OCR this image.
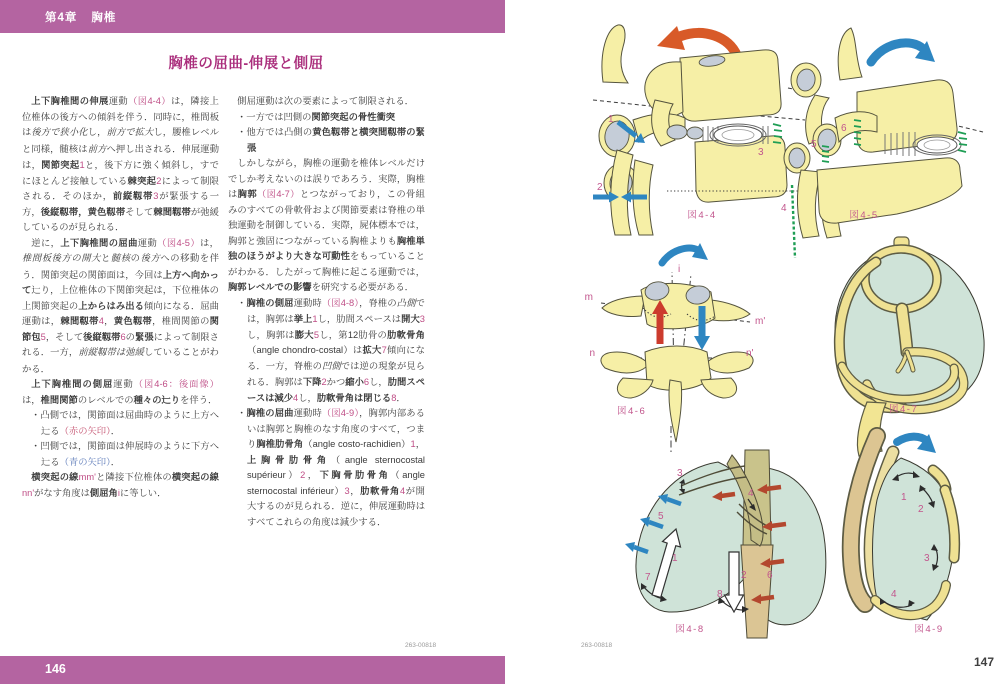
第4章 胸椎
胸椎の屈曲-伸展と側屈

上下胸椎間の伸展運動（図4-4）は，隣接上位椎体の後方への傾斜を伴う．同時に，椎間板は後方で狭小化し，前方で拡大し，腰椎レベルと同様，髄核は前方へ押し出される．伸展運動は，関節突起1と，後下方に強く傾斜し，すでにほとんど接触している棘突起2によって制限される．そのほか，前縦靱帯3が緊張する一方，後縦靱帯，黄色靱帯そして棘間靱帯が弛緩しているのが見られる．

逆に，上下胸椎間の屈曲運動（図4-5）は，椎間板後方の開大と髄核の後方への移動を伴う．関節突起の関節面は，今回は上方へ向かって辷り，上位椎体の下関節突起は，下位椎体の上関節突起の上からはみ出る傾向になる．屈曲運動は，棘間靱帯4，黄色靱帯，椎間関節の関節包5，そして後縦靱帯6の緊張によって制限される．一方，前縦靱帯は弛緩していることがわかる．

上下胸椎間の側屈運動（図4-6：後面像）は，椎間関節のレベルでの種々の辷りを伴う．

・凸側では，関節面は屈曲時のように上方へ辷る（赤の矢印）．

・凹側では，関節面は伸展時のように下方へ辷る（青の矢印）．

横突起の線mm'と隣接下位椎体の横突起の線nn'がなす角度は側屈角iに等しい．

側屈運動は次の要素によって制限される．

・一方では凹側の関節突起の骨性衝突

・他方では凸側の黄色靱帯と横突間靱帯の緊張

しかしながら，胸椎の運動を椎体レベルだけでしか考えないのは誤りであろう．実際，胸椎は胸郭（図4-7）とつながっており，この骨組みのすべての骨軟骨および関節要素は脊椎の単独運動を制御している．実際，屍体標本では，胸郭と強固につながっている胸椎よりも胸椎単独のほうがより大きな可動性をもっていることがわかる．したがって胸椎に起こる運動では，胸郭レベルでの影響を研究する必要がある．

・胸椎の側屈運動時（図4-8），脊椎の凸側では，胸郭は挙上1し，肋間スペースは開大3し，胸郭は膨大5し，第12肋骨の肋軟骨角（angle chondro-costal）は拡大7傾向になる．一方，脊椎の凹側では逆の現象が見られる．胸郭は下降2かつ縮小6し，肋間スペースは減少4し，肋軟骨角は閉じる8．

・胸椎の屈曲運動時（図4-9），胸郭内部あるいは胸郭と胸椎のなす角度のすべて，つまり胸椎肋骨角（angle costo-rachidien）1，上胸骨肋骨角（angle sternocostal supérieur）2，下胸骨肋骨角（angle sternocostal inférieur）3，肋軟骨角4が開大するのが見られる．逆に，伸展運動時はすべてこれらの角度は減少する．

146	147
263-00818	263-00818
1
2
3
図4-4
4
5
6
図4-5
i
m
m'
n	n'
図4-6	図4-7
3
4
5
1
2 6
7
8
図4-8
1
2
3
4
図4-9
